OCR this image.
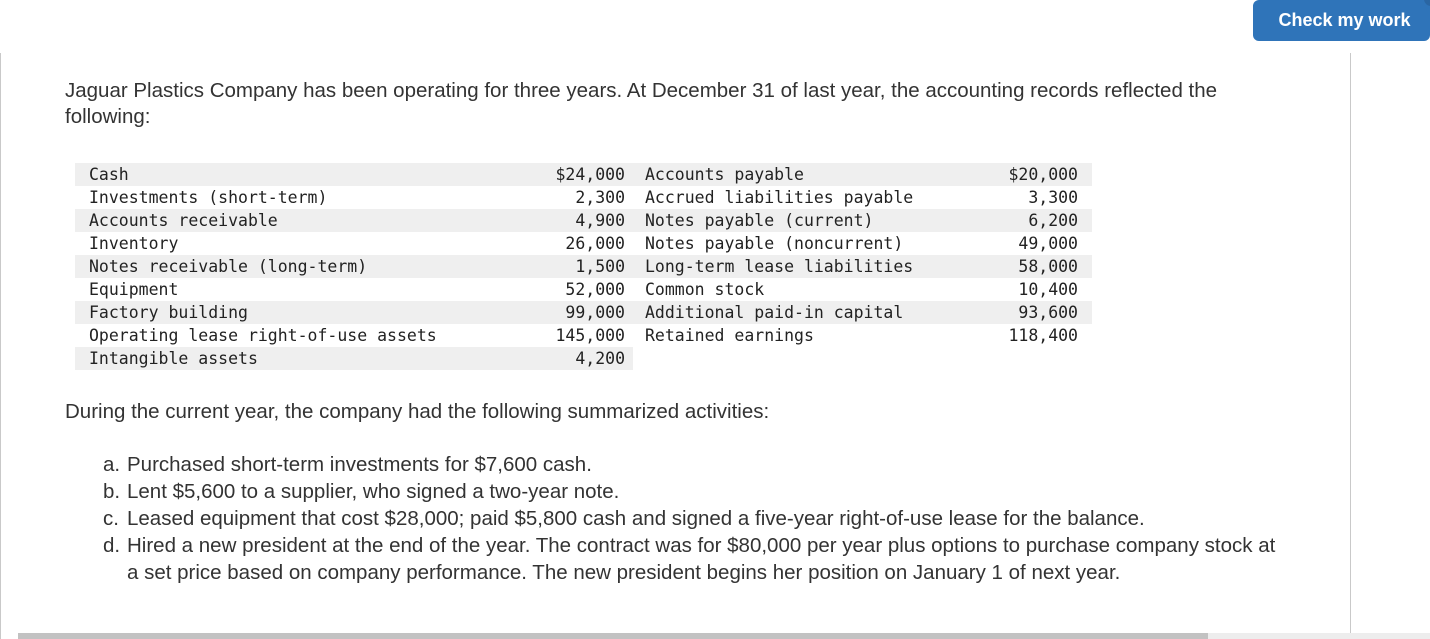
Check my work

Jaguar Plastics Company has been operating for three years. At December 31 of last year, the accounting records reflected the following:

Cash	$24,000	Accounts payable	$20,000
Investments (short-term)	2,300	Accrued liabilities payable	3,300
Accounts receivable	4,900	Notes payable (current)	6,200
Inventory	26,000	Notes payable (noncurrent)	49,000
Notes receivable (long-term)	1,500	Long-term lease liabilities	58,000
Equipment	52,000	Common stock	10,400
Factory building	99,000	Additional paid-in capital	93,600
Operating lease right-of-use assets	145,000	Retained earnings	118,400
Intangible assets	4,200		

During the current year, the company had the following summarized activities:

a. Purchased short-term investments for $7,600 cash.
b. Lent $5,600 to a supplier, who signed a two-year note.
c. Leased equipment that cost $28,000; paid $5,800 cash and signed a five-year right-of-use lease for the balance.
d. Hired a new president at the end of the year. The contract was for $80,000 per year plus options to purchase company stock at a set price based on company performance. The new president begins her position on January 1 of next year.
